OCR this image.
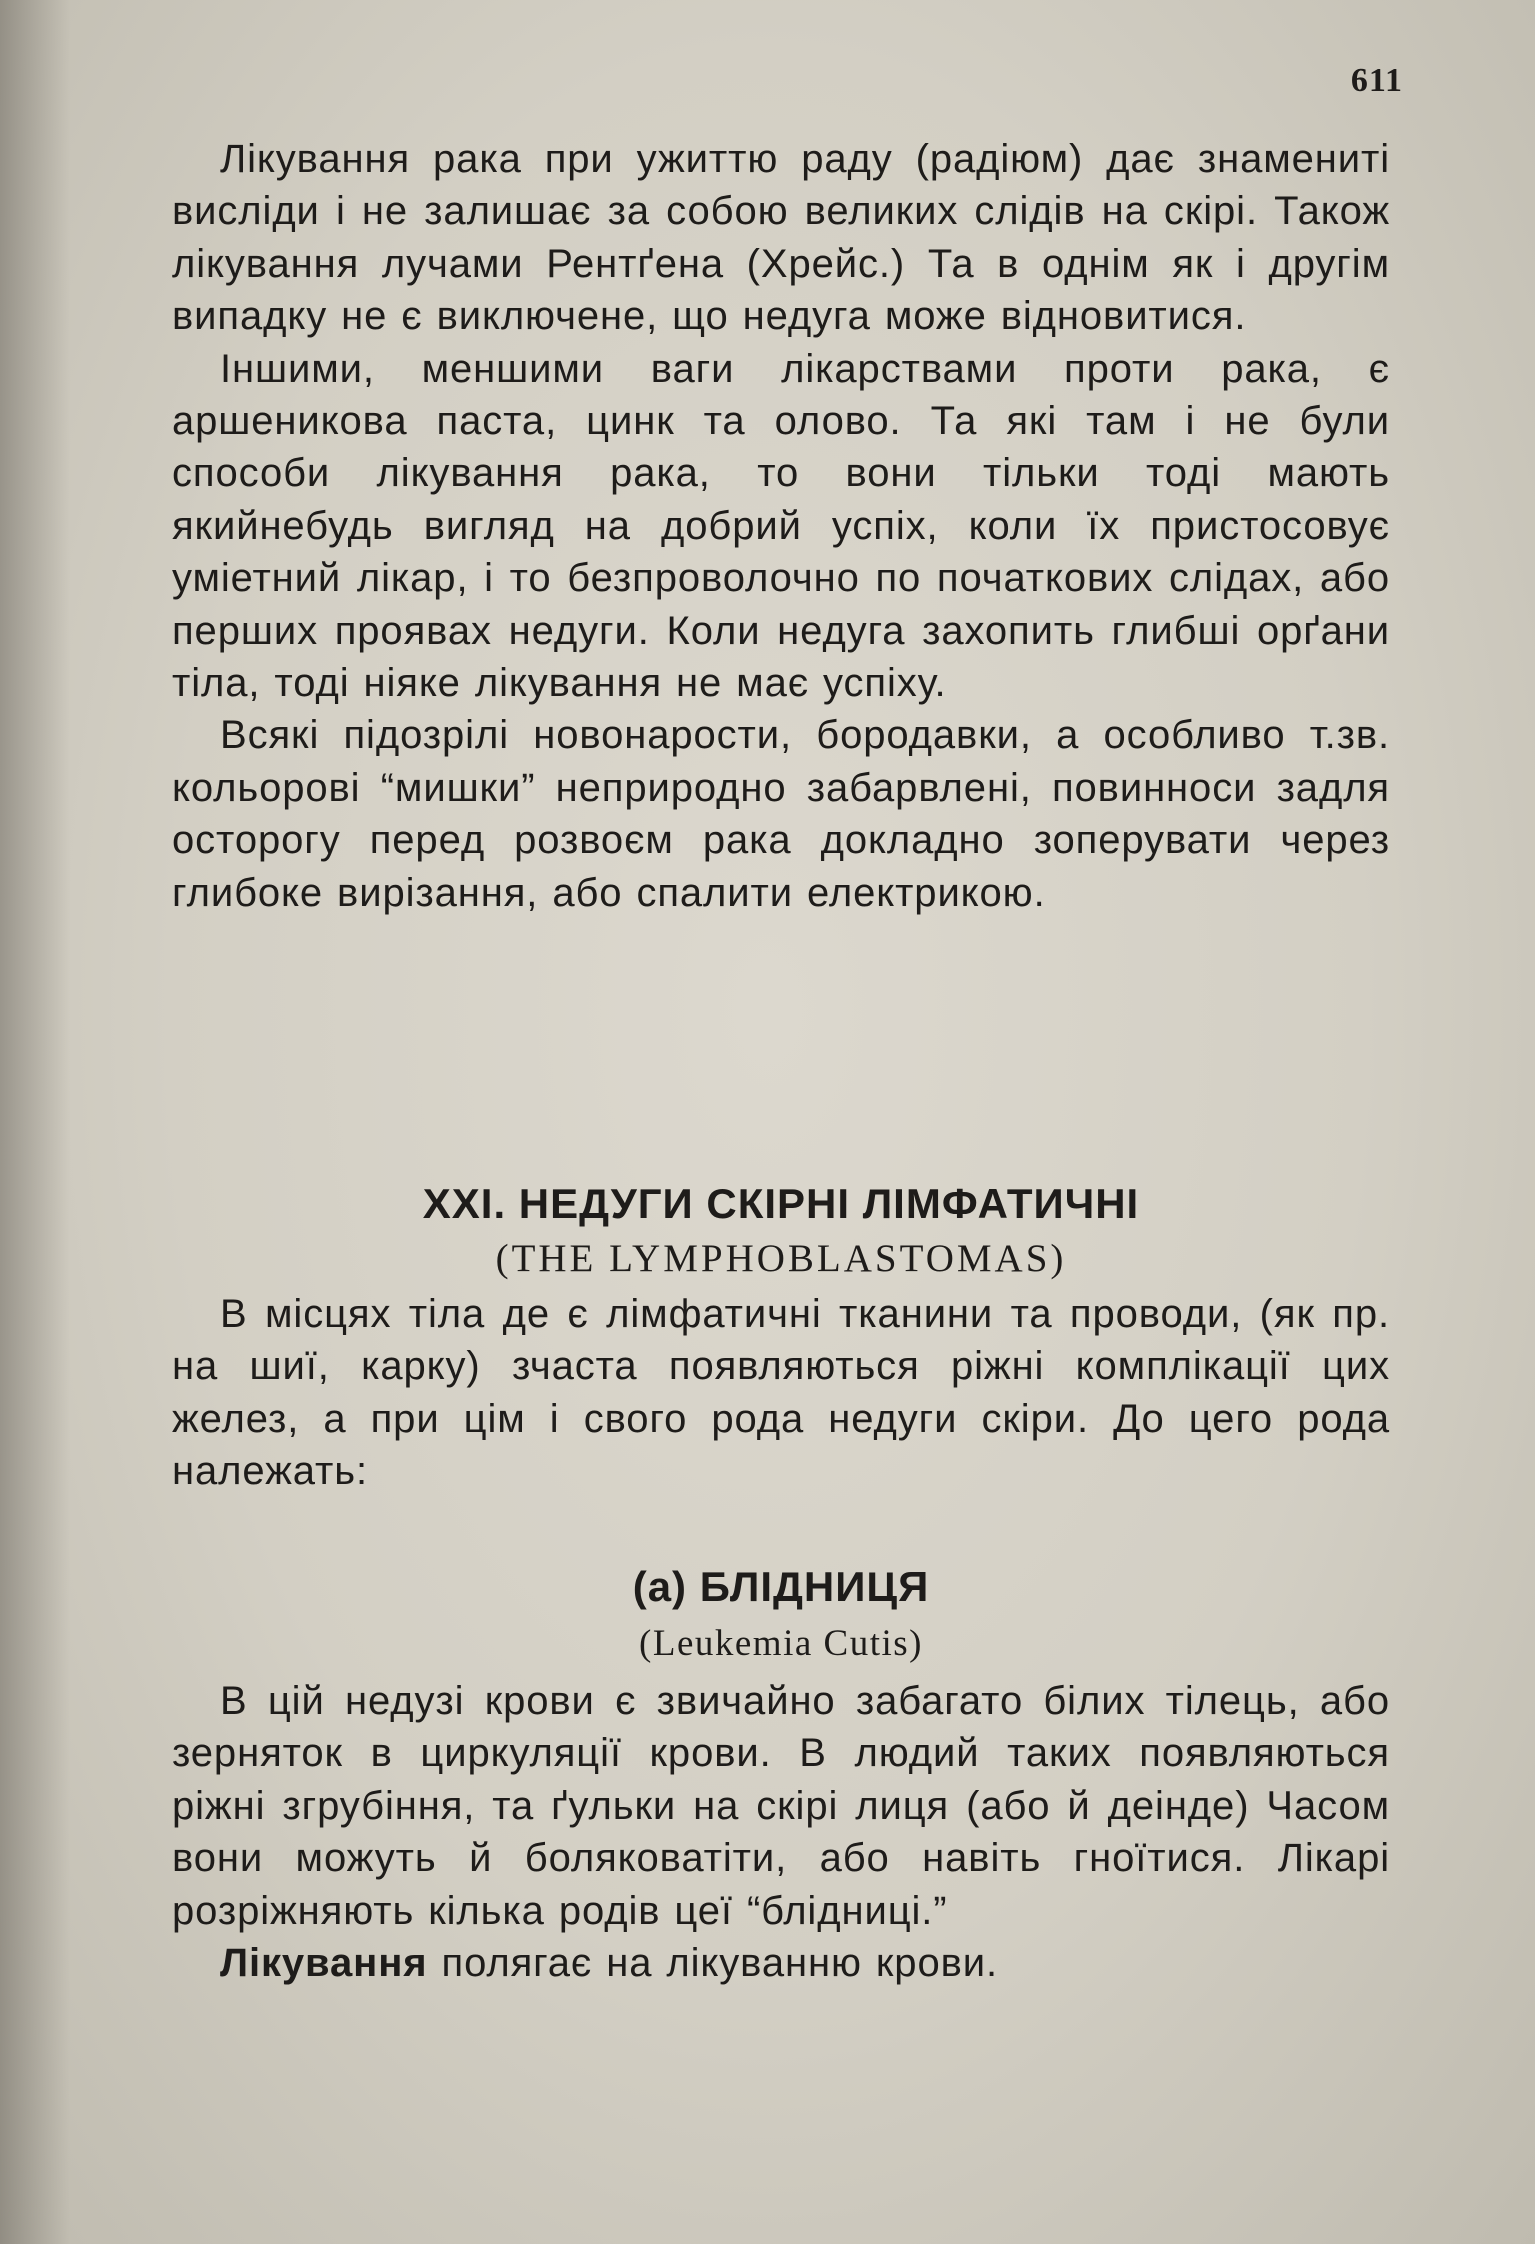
611

Лікування рака при ужиттю раду (радіюм) дає знамениті висліди і не залишає за собою великих слідів на скірі. Також лікування лучами Рентґена (Хрейс.) Та в однім як і другім випадку не є виключене, що недуга може відновитися.

Іншими, меншими ваги лікарствами проти рака, є аршеникова паста, цинк та олово. Та які там і не були способи лікування рака, то вони тільки тоді мають якийнебудь вигляд на добрий успіх, коли їх пристосовує уміетний лікар, і то безпроволочно по початкових слідах, або перших проявах недуги. Коли недуга захопить глибші орґани тіла, тоді ніяке лікування не має успіху.

Всякі підозрілі новонарости, бородавки, а особливо т.зв. кольорові “мишки” неприродно забарвлені, повинноси задля осторогу перед розвоєм рака докладно зоперувати через глибоке вирізання, або спалити електрикою.

XXI. НЕДУГИ СКІРНІ ЛІМФАТИЧНІ
(THE LYMPHOBLASTOMAS)

В місцях тіла де є лімфатичні тканини та проводи, (як пр. на шиї, карку) зчаста появляються ріжні комплікації цих желез, а при цім і свого рода недуги скіри. До цего рода належать:

(а) БЛІДНИЦЯ
(Leukemia Cutis)

В цій недузі крови є звичайно забагато білих тілець, або зерняток в циркуляції крови. В людий таких появляються ріжні згрубіння, та ґульки на скірі лиця (або й деінде) Часом вони можуть й боляковатіти, або навіть гноїтися. Лікарі розріжняють кілька родів цеї “блідниці.”

Лікування полягає на лікуванню крови.
